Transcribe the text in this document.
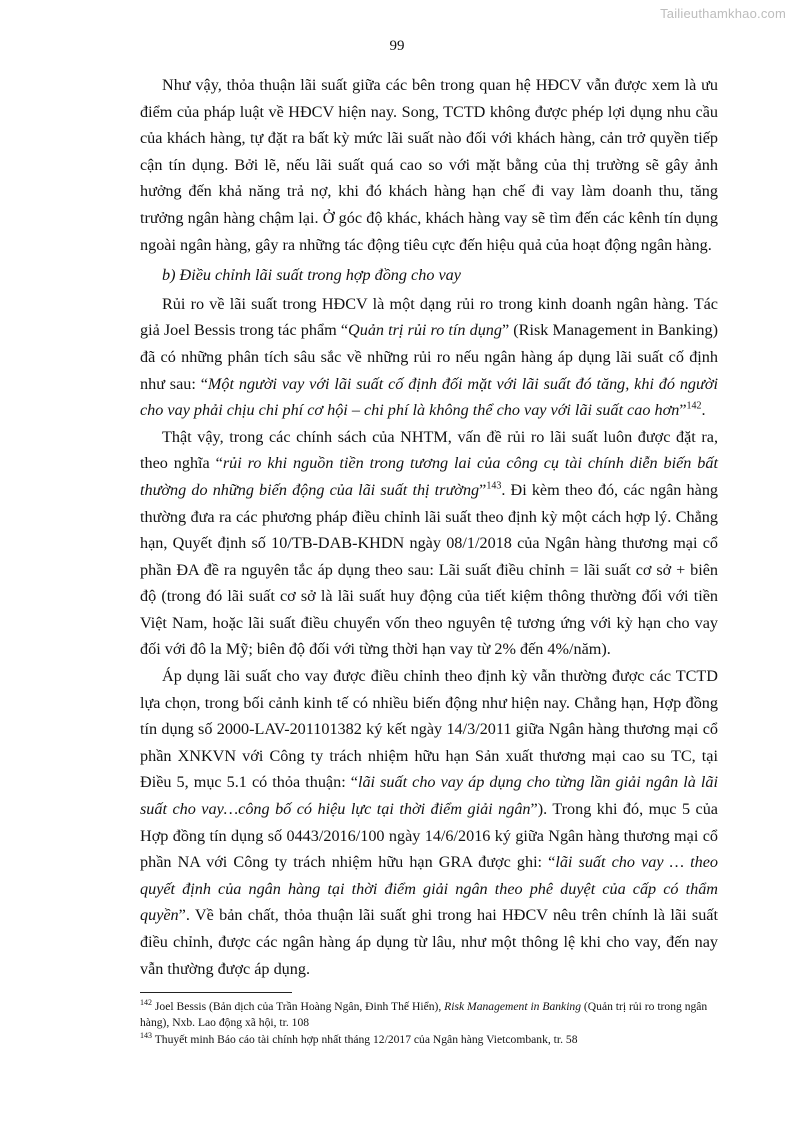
Tailieuthamkhao.com
99

Như vậy, thỏa thuận lãi suất giữa các bên trong quan hệ HĐCV vẫn được xem là ưu điểm của pháp luật về HĐCV hiện nay. Song, TCTD không được phép lợi dụng nhu cầu của khách hàng, tự đặt ra bất kỳ mức lãi suất nào đối với khách hàng, cản trở quyền tiếp cận tín dụng. Bởi lẽ, nếu lãi suất quá cao so với mặt bằng của thị trường sẽ gây ảnh hưởng đến khả năng trả nợ, khi đó khách hàng hạn chế đi vay làm doanh thu, tăng trưởng ngân hàng chậm lại. Ở góc độ khác, khách hàng vay sẽ tìm đến các kênh tín dụng ngoài ngân hàng, gây ra những tác động tiêu cực đến hiệu quả của hoạt động ngân hàng.

b) Điều chỉnh lãi suất trong hợp đồng cho vay

Rủi ro về lãi suất trong HĐCV là một dạng rủi ro trong kinh doanh ngân hàng. Tác giả Joel Bessis trong tác phẩm “Quản trị rủi ro tín dụng” (Risk Management in Banking) đã có những phân tích sâu sắc về những rủi ro nếu ngân hàng áp dụng lãi suất cố định như sau: “Một người vay với lãi suất cố định đối mặt với lãi suất đó tăng, khi đó người cho vay phải chịu chi phí cơ hội – chi phí là không thể cho vay với lãi suất cao hơn”$^{142}$.

Thật vậy, trong các chính sách của NHTM, vấn đề rủi ro lãi suất luôn được đặt ra, theo nghĩa “rủi ro khi nguồn tiền trong tương lai của công cụ tài chính diễn biến bất thường do những biến động của lãi suất thị trường”$^{143}$. Đi kèm theo đó, các ngân hàng thường đưa ra các phương pháp điều chỉnh lãi suất theo định kỳ một cách hợp lý. Chẳng hạn, Quyết định số 10/TB-DAB-KHDN ngày 08/1/2018 của Ngân hàng thương mại cổ phần ĐA đề ra nguyên tắc áp dụng theo sau: Lãi suất điều chỉnh = lãi suất cơ sở + biên độ (trong đó lãi suất cơ sở là lãi suất huy động của tiết kiệm thông thường đối với tiền Việt Nam, hoặc lãi suất điều chuyển vốn theo nguyên tệ tương ứng với kỳ hạn cho vay đối với đô la Mỹ; biên độ đối với từng thời hạn vay từ 2% đến 4%/năm).

Áp dụng lãi suất cho vay được điều chỉnh theo định kỳ vẫn thường được các TCTD lựa chọn, trong bối cảnh kinh tế có nhiều biến động như hiện nay. Chẳng hạn, Hợp đồng tín dụng số 2000-LAV-201101382 ký kết ngày 14/3/2011 giữa Ngân hàng thương mại cổ phần XNKVN với Công ty trách nhiệm hữu hạn Sản xuất thương mại cao su TC, tại Điều 5, mục 5.1 có thỏa thuận: “lãi suất cho vay áp dụng cho từng lần giải ngân là lãi suất cho vay…công bố có hiệu lực tại thời điểm giải ngân”). Trong khi đó, mục 5 của Hợp đồng tín dụng số 0443/2016/100 ngày 14/6/2016 ký giữa Ngân hàng thương mại cổ phần NA với Công ty trách nhiệm hữu hạn GRA được ghi: “lãi suất cho vay … theo quyết định của ngân hàng tại thời điểm giải ngân theo phê duyệt của cấp có thẩm quyền”. Về bản chất, thỏa thuận lãi suất ghi trong hai HĐCV nêu trên chính là lãi suất điều chỉnh, được các ngân hàng áp dụng từ lâu, như một thông lệ khi cho vay, đến nay vẫn thường được áp dụng.

$^{142}$ Joel Bessis (Bản dịch của Trần Hoàng Ngân, Đinh Thế Hiển), Risk Management in Banking (Quản trị rủi ro trong ngân hàng), Nxb. Lao động xã hội, tr. 108

$^{143}$ Thuyết minh Báo cáo tài chính hợp nhất tháng 12/2017 của Ngân hàng Vietcombank, tr. 58
